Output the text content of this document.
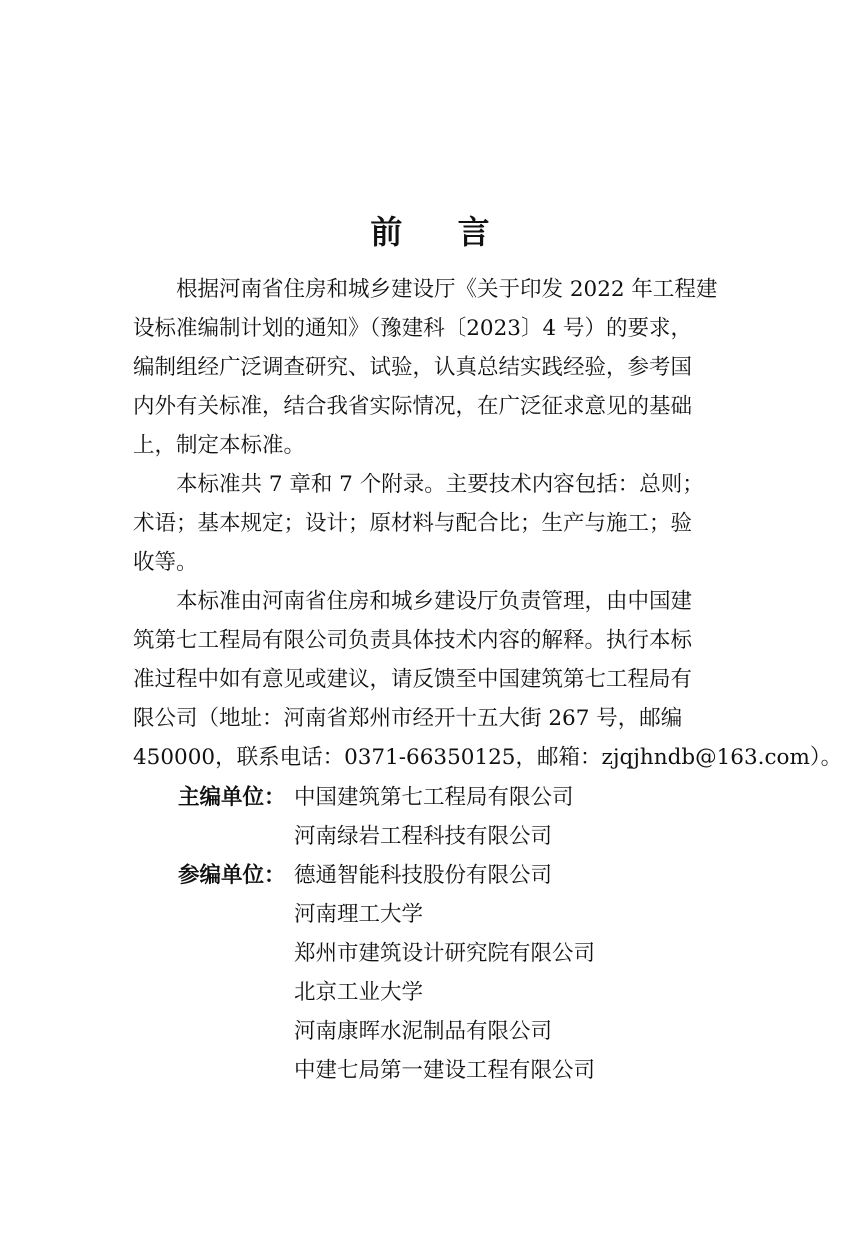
前 言

根据河南省住房和城乡建设厅《关于印发 2022 年工程建
设标准编制计划的通知》（豫建科〔2023〕4 号）的要求，
编制组经广泛调查研究、试验，认真总结实践经验，参考国
内外有关标准，结合我省实际情况，在广泛征求意见的基础
上，制定本标准。

本标准共 7 章和 7 个附录。主要技术内容包括：总则；
术语；基本规定；设计；原材料与配合比；生产与施工；验
收等。

本标准由河南省住房和城乡建设厅负责管理，由中国建
筑第七工程局有限公司负责具体技术内容的解释。执行本标
准过程中如有意见或建议，请反馈至中国建筑第七工程局有
限公司（地址：河南省郑州市经开十五大街 267 号，邮编
450000，联系电话：0371-66350125，邮箱：zjqjhndb@163.com）。

主编单位： 中国建筑第七工程局有限公司
河南绿岩工程科技有限公司
参编单位： 德通智能科技股份有限公司
河南理工大学
郑州市建筑设计研究院有限公司
北京工业大学
河南康晖水泥制品有限公司
中建七局第一建设工程有限公司
